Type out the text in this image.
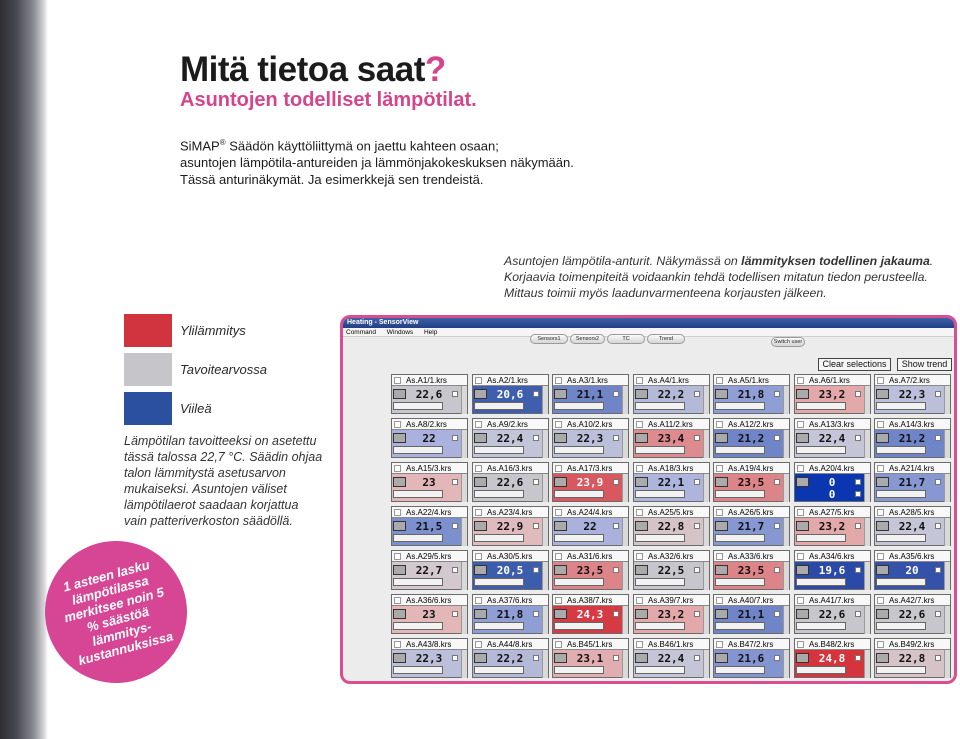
Mitä tietoa saat?
Asuntojen todelliset lämpötilat.
SiMAP® Säädön käyttöliittymä on jaettu kahteen osaan;
asuntojen lämpötila-antureiden ja lämmönjakokeskuksen näkymään.
Tässä anturinäkymät. Ja esimerkkejä sen trendeistä.
Asuntojen lämpötila-anturit. Näkymässä on lämmityksen todellinen jakauma.
Korjaavia toimenpiteitä voidaankin tehdä todellisen mitatun tiedon perusteella.
Mittaus toimii myös laadunvarmenteena korjausten jälkeen.
Ylilämmitys
Tavoitearvossa
Viileä
Lämpötilan tavoitteeksi on asetettu tässä talossa 22,7 °C. Säädin ohjaa talon lämmitystä asetusarvon mukaiseksi. Asuntojen väliset lämpötilaerot saadaan korjattua vain patteriverkoston säädöllä.
1 asteen lasku lämpötilassa merkitsee noin 5 % säästöä lämmitys-kustannuksissa
Heating - SensorView
Command Windows Help
Sensors1	Sensors2	TC	Trend	Switch user
Clear selections	Show trend
As.A1/1.krs
22,6
As.A2/1.krs
20,6
As.A3/1.krs
21,1
As.A4/1.krs
22,2
As.A5/1.krs
21,8
As.A6/1.krs
23,2
As.A7/2.krs
22,3
As.A8/2.krs
22
As.A9/2.krs
22,4
As.A10/2.krs
22,3
As.A11/2.krs
23,4
As.A12/2.krs
21,2
As.A13/3.krs
22,4
As.A14/3.krs
21,2
As.A15/3.krs
23
As.A16/3.krs
22,6
As.A17/3.krs
23,9
As.A18/3.krs
22,1
As.A19/4.krs
23,5
As.A20/4.krs
0
0
As.A21/4.krs
21,7
As.A22/4.krs
21,5
As.A23/4.krs
22,9
As.A24/4.krs
22
As.A25/5.krs
22,8
As.A26/5.krs
21,7
As.A27/5.krs
23,2
As.A28/5.krs
22,4
As.A29/5.krs
22,7
As.A30/5.krs
20,5
As.A31/6.krs
23,5
As.A32/6.krs
22,5
As.A33/6.krs
23,5
As.A34/6.krs
19,6
As.A35/6.krs
20
As.A36/6.krs
23
As.A37/6.krs
21,8
As.A38/7.krs
24,3
As.A39/7.krs
23,2
As.A40/7.krs
21,1
As.A41/7.krs
22,6
As.A42/7.krs
22,6
As.A43/8.krs
22,3
As.A44/8.krs
22,2
As.B45/1.krs
23,1
As.B46/1.krs
22,4
As.B47/2.krs
21,6
As.B48/2.krs
24,8
As.B49/2.krs
22,8
